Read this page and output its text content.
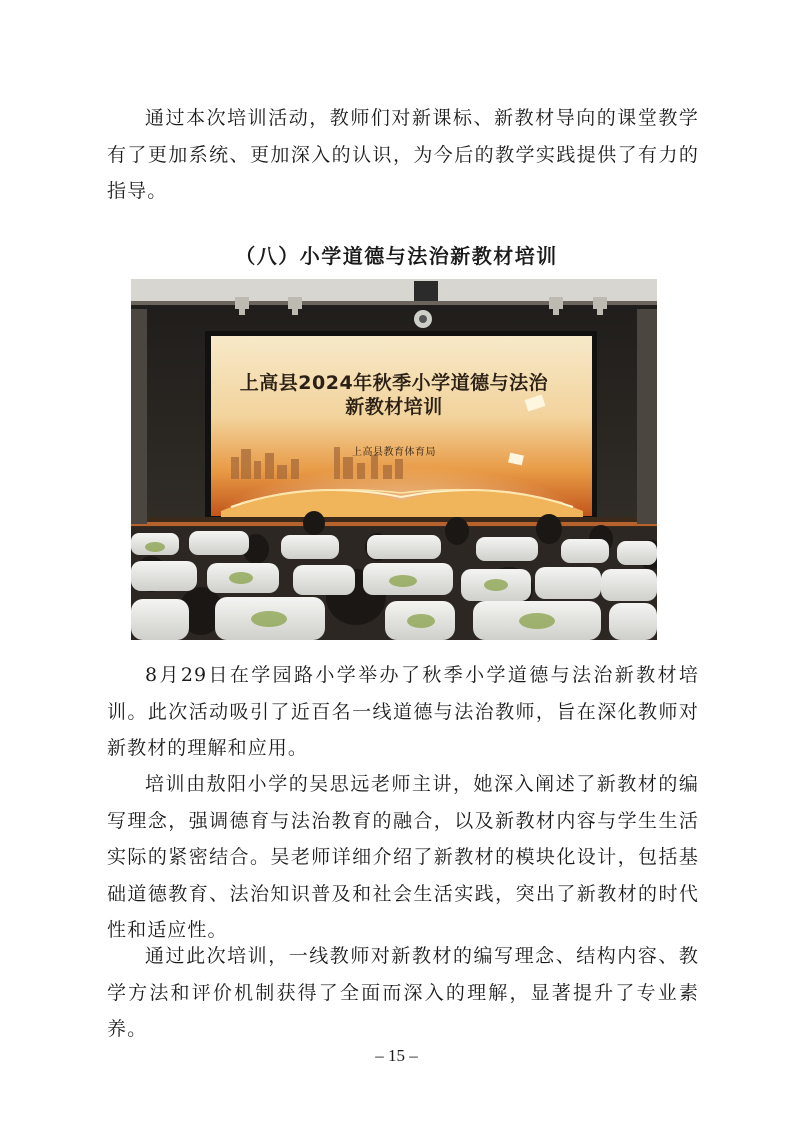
通过本次培训活动，教师们对新课标、新教材导向的课堂教学有了更加系统、更加深入的认识，为今后的教学实践提供了有力的指导。

（八）小学道德与法治新教材培训
上高县2024年秋季小学道德与法治
新教材培训
上高县教育体育局

8月29日在学园路小学举办了秋季小学道德与法治新教材培训。此次活动吸引了近百名一线道德与法治教师，旨在深化教师对新教材的理解和应用。

培训由敖阳小学的吴思远老师主讲，她深入阐述了新教材的编写理念，强调德育与法治教育的融合，以及新教材内容与学生生活实际的紧密结合。吴老师详细介绍了新教材的模块化设计，包括基础道德教育、法治知识普及和社会生活实践，突出了新教材的时代性和适应性。

通过此次培训，一线教师对新教材的编写理念、结构内容、教学方法和评价机制获得了全面而深入的理解，显著提升了专业素养。

– 15 –
